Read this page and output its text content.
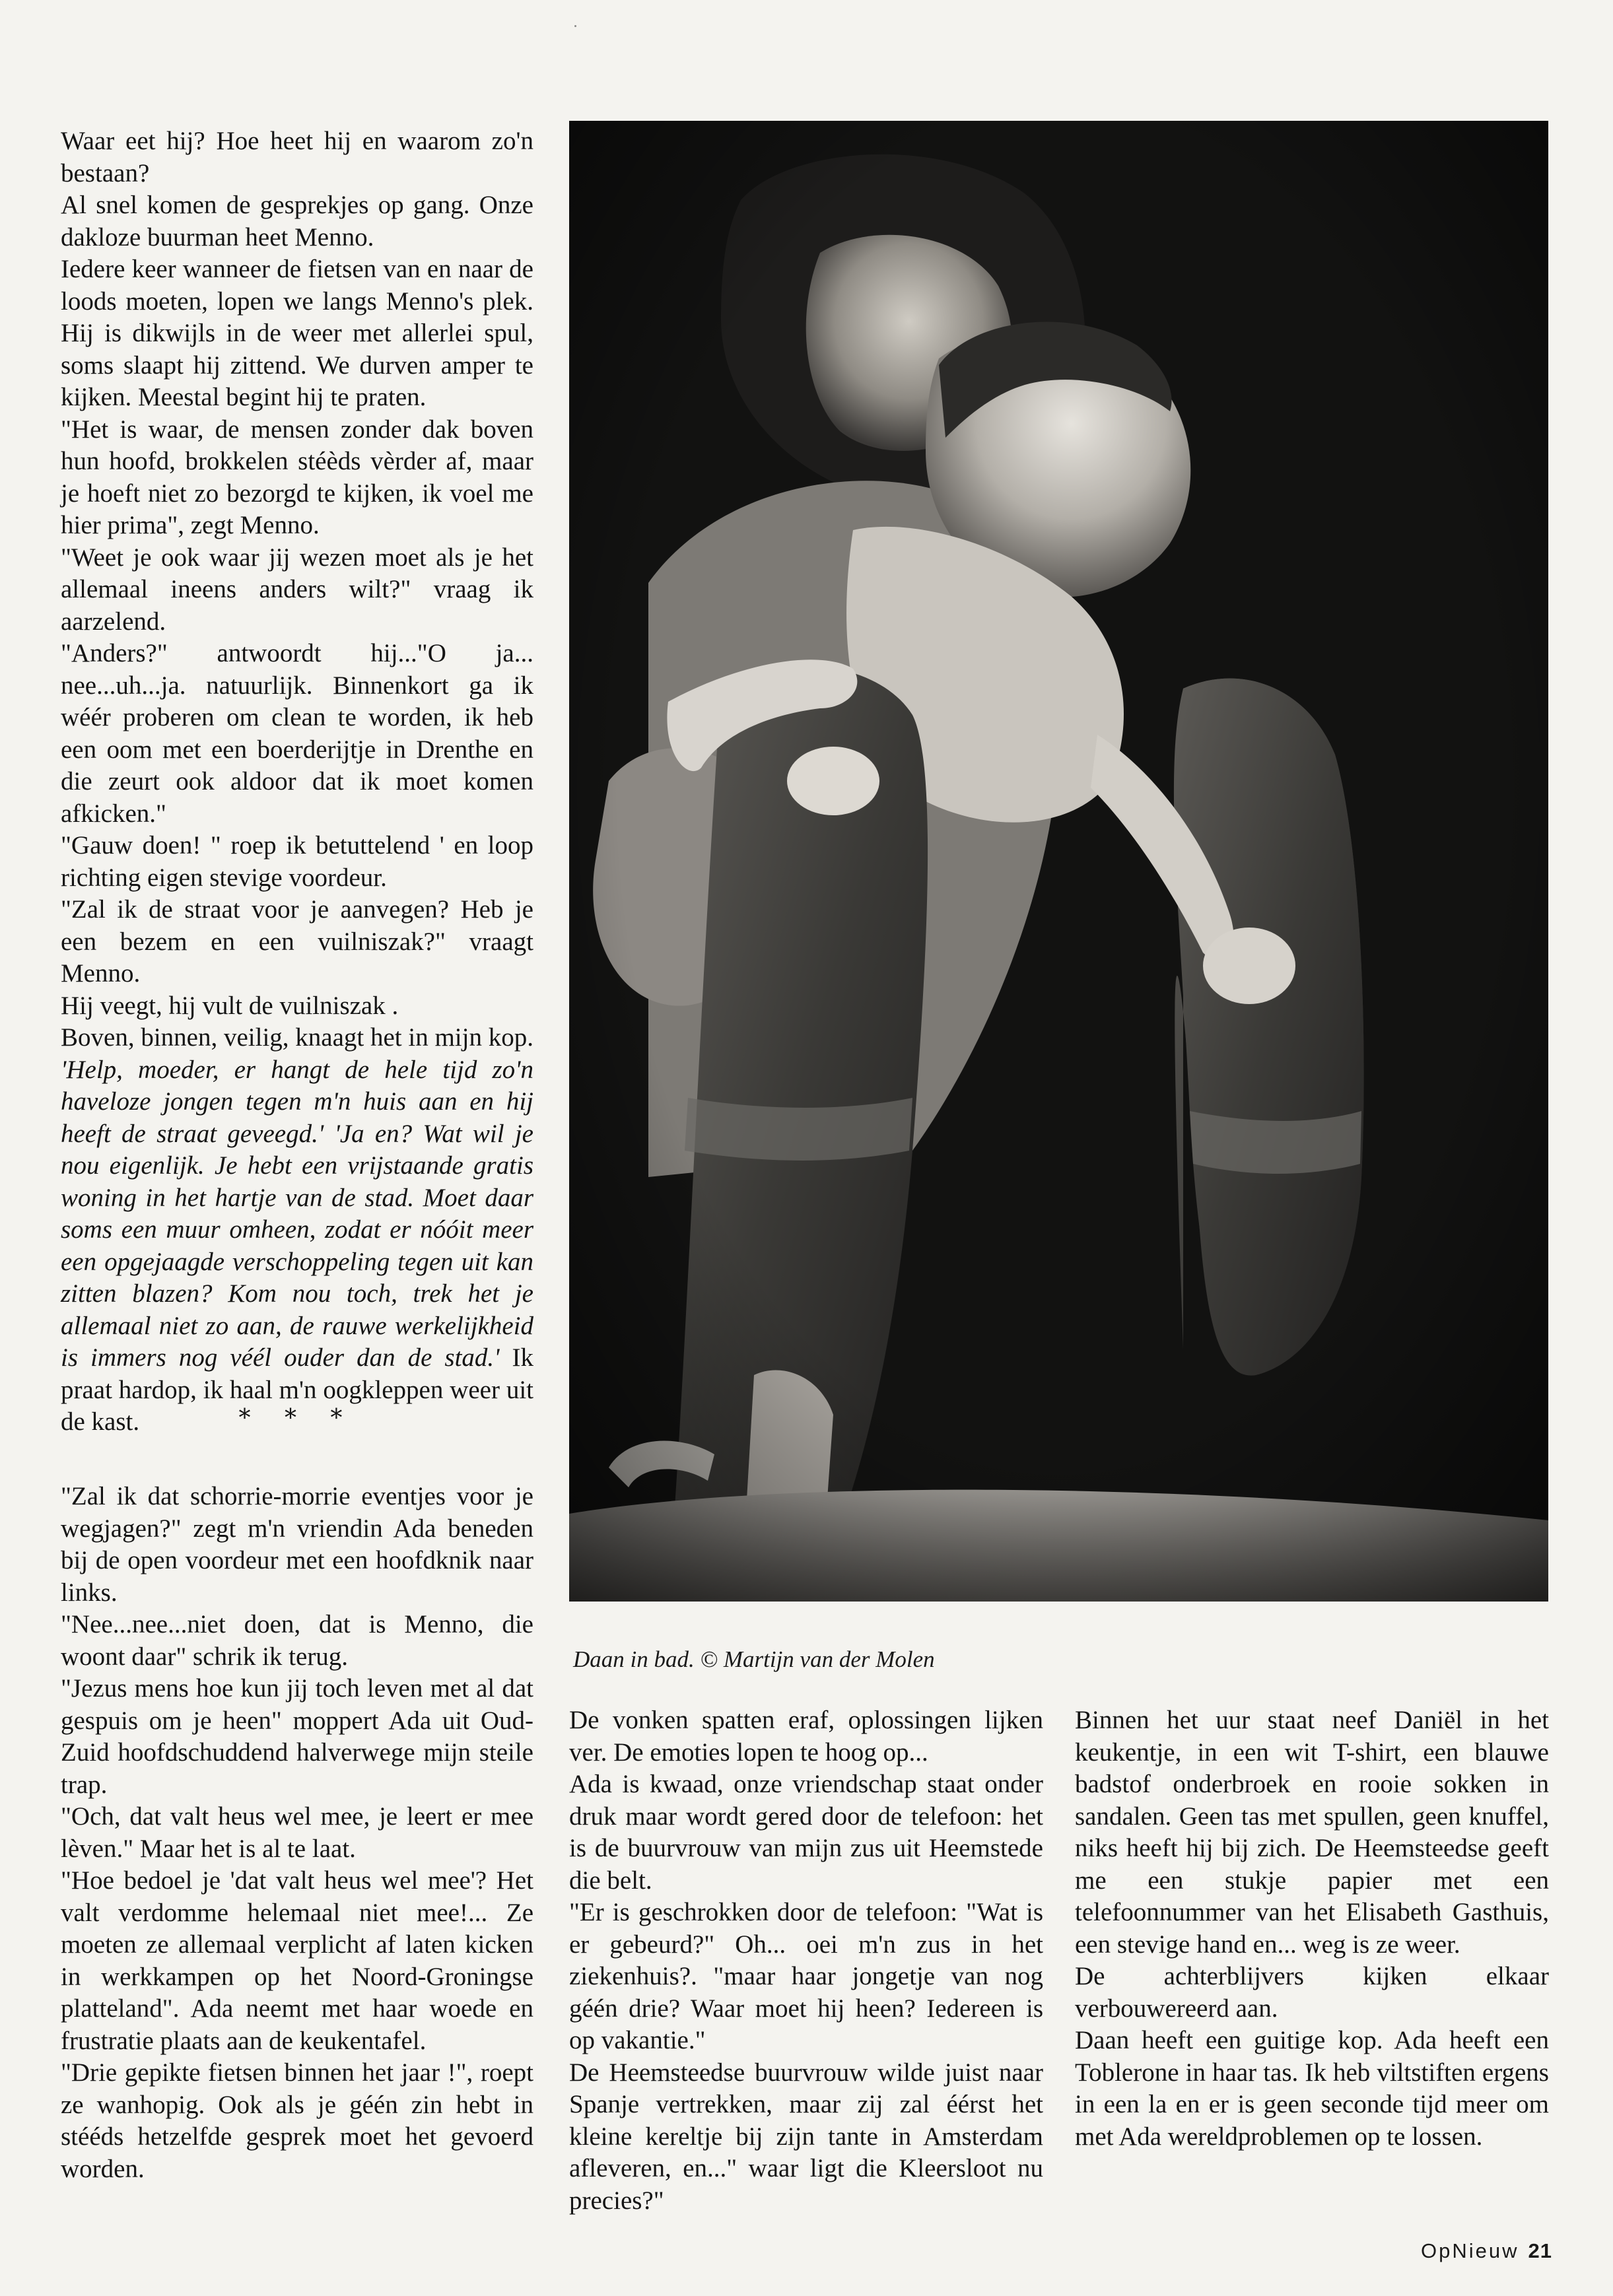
Waar eet hij? Hoe heet hij en waarom zo'n bestaan?

Al snel komen de gesprekjes op gang. Onze dakloze buurman heet Menno.

Iedere keer wanneer de fietsen van en naar de loods moeten, lopen we langs Menno's plek. Hij is dikwijls in de weer met allerlei spul, soms slaapt hij zittend. We durven amper te kijken. Meestal begint hij te praten.

"Het is waar, de mensen zonder dak boven hun hoofd, brokkelen stéèds vèrder af, maar je hoeft niet zo bezorgd te kijken, ik voel me hier prima", zegt Menno.

"Weet je ook waar jij wezen moet als je het allemaal ineens anders wilt?" vraag ik aarzelend.

"Anders?" antwoordt hij..."O ja... nee...uh...ja. natuurlijk. Binnenkort ga ik wéér proberen om clean te worden, ik heb een oom met een boerderijtje in Drenthe en die zeurt ook aldoor dat ik moet komen afkicken."

"Gauw doen! " roep ik betuttelend ' en loop richting eigen stevige voordeur.

"Zal ik de straat voor je aanvegen? Heb je een bezem en een vuilniszak?" vraagt Menno.

Hij veegt, hij vult de vuilniszak .

Boven, binnen, veilig, knaagt het in mijn kop.

'Help, moeder, er hangt de hele tijd zo'n haveloze jongen tegen m'n huis aan en hij heeft de straat geveegd.' 'Ja en? Wat wil je nou eigenlijk. Je hebt een vrijstaande gratis woning in het hartje van de stad. Moet daar soms een muur omheen, zodat er nóóit meer een opgejaagde verschoppeling tegen uit kan zitten blazen? Kom nou toch, trek het je allemaal niet zo aan, de rauwe werkelijkheid is immers nog véél ouder dan de stad.' Ik praat hardop, ik haal m'n oogkleppen weer uit de kast.	* * *

"Zal ik dat schorrie-morrie eventjes voor je wegjagen?" zegt m'n vriendin Ada beneden bij de open voordeur met een hoofdknik naar links.

"Nee...nee...niet doen, dat is Menno, die woont daar" schrik ik terug.

"Jezus mens hoe kun jij toch leven met al dat gespuis om je heen" moppert Ada uit Oud-Zuid hoofdschuddend halverwege mijn steile trap.

"Och, dat valt heus wel mee, je leert er mee lèven." Maar het is al te laat.

"Hoe bedoel je 'dat valt heus wel mee'? Het valt verdomme helemaal niet mee!... Ze moeten ze allemaal verplicht af laten kicken in werkkampen op het Noord-Groningse platteland". Ada neemt met haar woede en frustratie plaats aan de keukentafel.

"Drie gepikte fietsen binnen het jaar !", roept ze wanhopig. Ook als je géén zin hebt in stééds hetzelfde gesprek moet het gevoerd worden.

Daan in bad. © Martijn van der Molen

De vonken spatten eraf, oplossingen lijken ver. De emoties lopen te hoog op...

Ada is kwaad, onze vriendschap staat onder druk maar wordt gered door de telefoon: het is de buurvrouw van mijn zus uit Heemstede die belt.

"Er is geschrokken door de telefoon: "Wat is er gebeurd?" Oh... oei m'n zus in het ziekenhuis?. "maar haar jongetje van nog géén drie? Waar moet hij heen? Iedereen is op vakantie."

De Heemsteedse buurvrouw wilde juist naar Spanje vertrekken, maar zij zal éérst het kleine kereltje bij zijn tante in Amsterdam afleveren, en..." waar ligt die Kleersloot nu precies?"

Binnen het uur staat neef Daniël in het keukentje, in een wit T-shirt, een blauwe badstof onderbroek en rooie sokken in sandalen. Geen tas met spullen, geen knuffel, niks heeft hij bij zich. De Heemsteedse geeft me een stukje papier met een telefoonnummer van het Elisabeth Gasthuis, een stevige hand en... weg is ze weer.

De achterblijvers kijken elkaar verbouwereerd aan.

Daan heeft een guitige kop. Ada heeft een Toblerone in haar tas. Ik heb viltstiften ergens in een la en er is geen seconde tijd meer om met Ada wereldproblemen op te lossen.

OpNieuw 21
